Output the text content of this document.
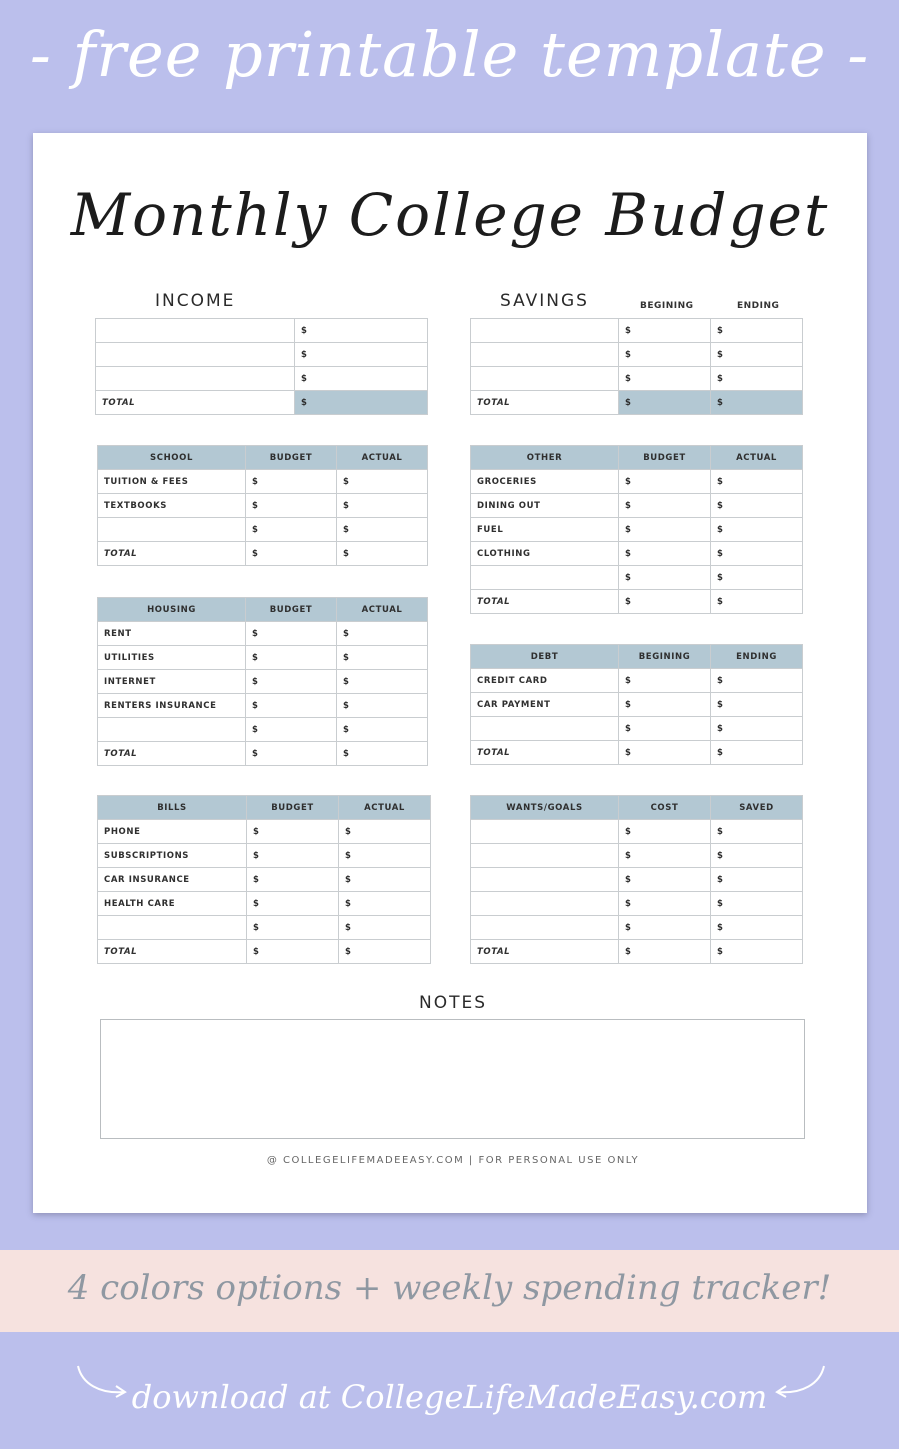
- free printable template -
Monthly College Budget
INCOME
	$
	$
	$
TOTAL	$
SAVINGS	BEGINING	ENDING
	$	$
	$	$
	$	$
TOTAL	$	$
SCHOOL	BUDGET	ACTUAL
TUITION & FEES	$	$
TEXTBOOKS	$	$
	$	$
TOTAL	$	$
OTHER	BUDGET	ACTUAL
GROCERIES	$	$
DINING OUT	$	$
FUEL	$	$
CLOTHING	$	$
	$	$
TOTAL	$	$
HOUSING	BUDGET	ACTUAL
RENT	$	$
UTILITIES	$	$
INTERNET	$	$
RENTERS INSURANCE	$	$
	$	$
TOTAL	$	$
DEBT	BEGINING	ENDING
CREDIT CARD	$	$
CAR PAYMENT	$	$
	$	$
TOTAL	$	$
BILLS	BUDGET	ACTUAL
PHONE	$	$
SUBSCRIPTIONS	$	$
CAR INSURANCE	$	$
HEALTH CARE	$	$
	$	$
TOTAL	$	$
WANTS/GOALS	COST	SAVED
	$	$
	$	$
	$	$
	$	$
	$	$
TOTAL	$	$
NOTES
@ COLLEGELIFEMADEEASY.COM | FOR PERSONAL USE ONLY
4 colors options + weekly spending tracker!
download at CollegeLifeMadeEasy.com
